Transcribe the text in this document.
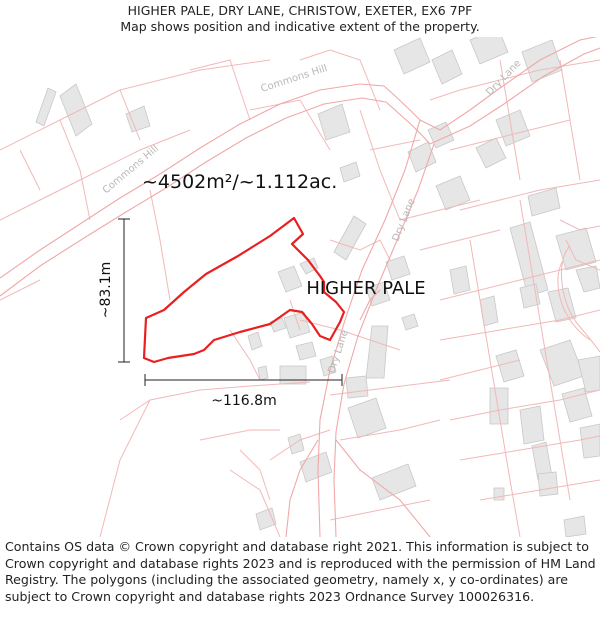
HIGHER PALE, DRY LANE, CHRISTOW, EXETER, EX6 7PF
Map shows position and indicative extent of the property.
Commons Hill
Commons Hill
Dry Lane
Dry Lane
Dry Lane
~4502m²/~1.112ac.
HIGHER PALE
~83.1m
~116.8m
Contains OS data © Crown copyright and database right 2021. This information is subject to Crown copyright and database rights 2023 and is reproduced with the permission of HM Land Registry. The polygons (including the associated geometry, namely x, y co-ordinates) are subject to Crown copyright and database rights 2023 Ordnance Survey 100026316.
